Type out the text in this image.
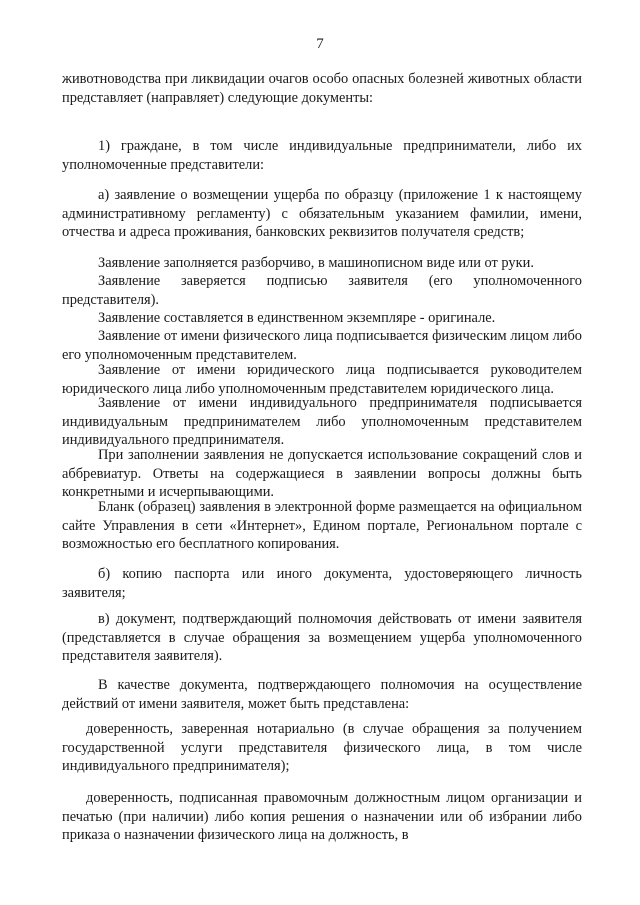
7

животноводства при ликвидации очагов особо опасных болезней животных области представляет (направляет) следующие документы:

1) граждане, в том числе индивидуальные предприниматели, либо их уполномоченные представители:

а) заявление о возмещении ущерба по образцу (приложение 1 к настоящему административному регламенту) с обязательным указанием фамилии, имени, отчества и адреса проживания, банковских реквизитов получателя средств;

Заявление заполняется разборчиво, в машинописном виде или от руки.

Заявление заверяется подписью заявителя (его уполномоченного представителя).

Заявление составляется в единственном экземпляре - оригинале.

Заявление от имени физического лица подписывается физическим лицом либо его уполномоченным представителем.

Заявление от имени юридического лица подписывается руководителем юридического лица либо уполномоченным представителем юридического лица.

Заявление от имени индивидуального предпринимателя подписывается индивидуальным предпринимателем либо уполномоченным представителем индивидуального предпринимателя.

При заполнении заявления не допускается использование сокращений слов и аббревиатур. Ответы на содержащиеся в заявлении вопросы должны быть конкретными и исчерпывающими.

Бланк (образец) заявления в электронной форме размещается на официальном сайте Управления в сети «Интернет», Едином портале, Региональном портале с возможностью его бесплатного копирования.

б) копию паспорта или иного документа, удостоверяющего личность заявителя;

в) документ, подтверждающий полномочия действовать от имени заявителя (представляется в случае обращения за возмещением ущерба уполномоченного представителя заявителя).

В качестве документа, подтверждающего полномочия на осуществление действий от имени заявителя, может быть представлена:

доверенность, заверенная нотариально (в случае обращения за получением государственной услуги представителя физического лица, в том числе индивидуального предпринимателя);

доверенность, подписанная правомочным должностным лицом организации и печатью (при наличии) либо копия решения о назначении или об избрании либо приказа о назначении физического лица на должность, в
